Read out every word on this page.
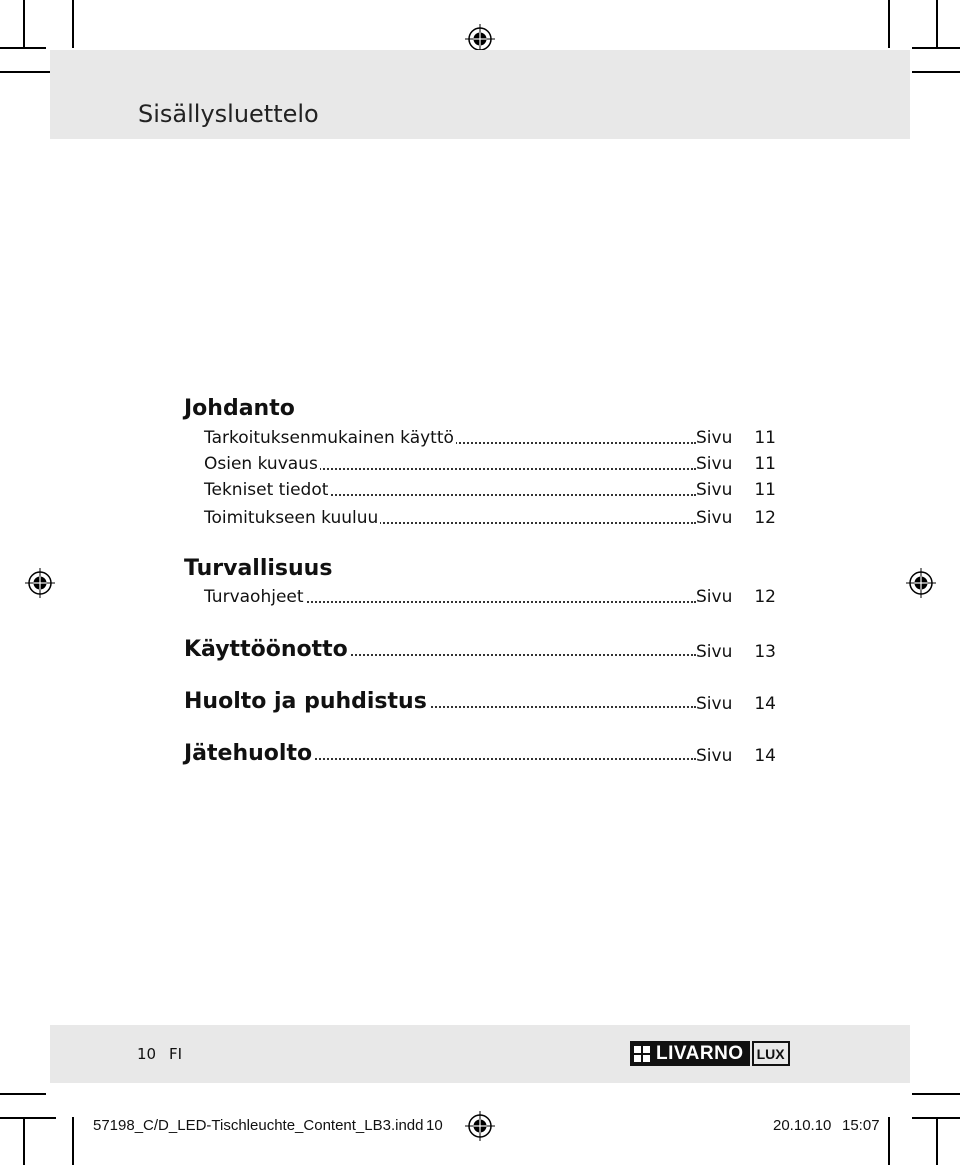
Sisällysluettelo
Johdanto
Tarkoituksenmukainen käyttö	Sivu 11
Osien kuvaus	Sivu 11
Tekniset tiedot	Sivu 11
Toimitukseen kuuluu	Sivu 12
Turvallisuus
Turvaohjeet	Sivu 12
Käyttöönotto	Sivu 13
Huolto ja puhdistus	Sivu 14
Jätehuolto	Sivu 14
10 FI	LIVARNO LUX
57198_C/D_LED-Tischleuchte_Content_LB3.indd 10	20.10.10 15:07
